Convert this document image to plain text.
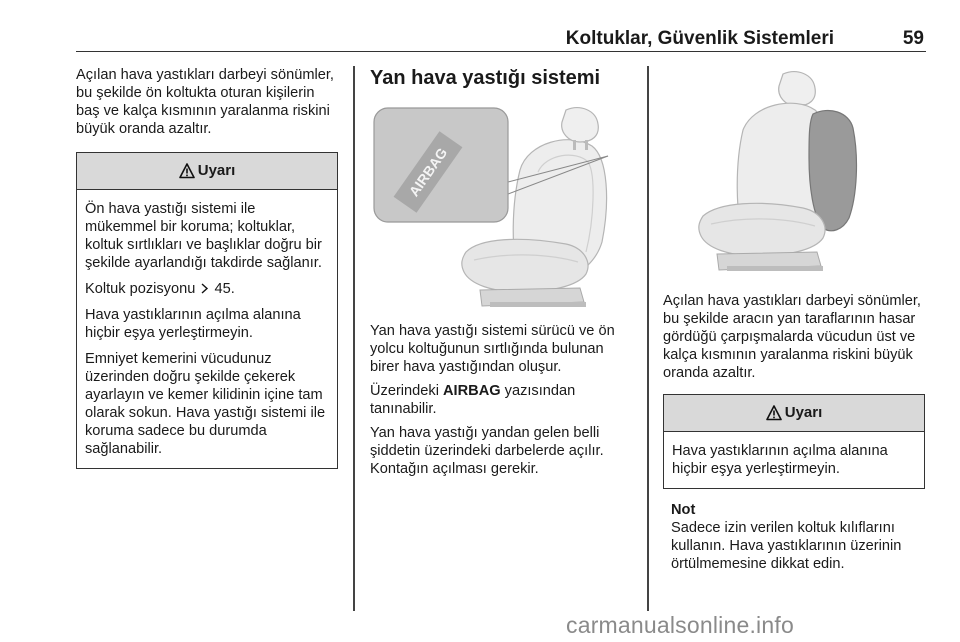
Koltuklar, Güvenlik Sistemleri	59

Açılan hava yastıkları darbeyi sönümler, bu şekilde ön koltukta oturan kişilerin baş ve kalça kısmının yaralanma riskini büyük oranda azaltır.

Uyarı

Ön hava yastığı sistemi ile mükemmel bir koruma; koltuklar, koltuk sırtlıkları ve başlıklar doğru bir şekilde ayarlandığı takdirde sağlanır.

Koltuk pozisyonu 45.

Hava yastıklarının açılma alanına hiçbir eşya yerleştirmeyin.

Emniyet kemerini vücudunuz üzerinden doğru şekilde çekerek ayarlayın ve kemer kilidinin içine tam olarak sokun. Hava yastığı sistemi ile koruma sadece bu durumda sağlanabilir.

Yan hava yastığı sistemi
AIRBAG

Yan hava yastığı sistemi sürücü ve ön yolcu koltuğunun sırtlığında bulunan birer hava yastığından oluşur.

Üzerindeki AIRBAG yazısından tanınabilir.

Yan hava yastığı yandan gelen belli şiddetin üzerindeki darbelerde açılır. Kontağın açılması gerekir.

Açılan hava yastıkları darbeyi sönümler, bu şekilde aracın yan taraflarının hasar gördüğü çarpışmalarda vücudun üst ve kalça kısmının yaralanma riskini büyük oranda azaltır.

Uyarı

Hava yastıklarının açılma alanına hiçbir eşya yerleştirmeyin.

Not

Sadece izin verilen koltuk kılıflarını kullanın. Hava yastıklarının üzerinin örtülmemesine dikkat edin.

carmanualsonline.info
